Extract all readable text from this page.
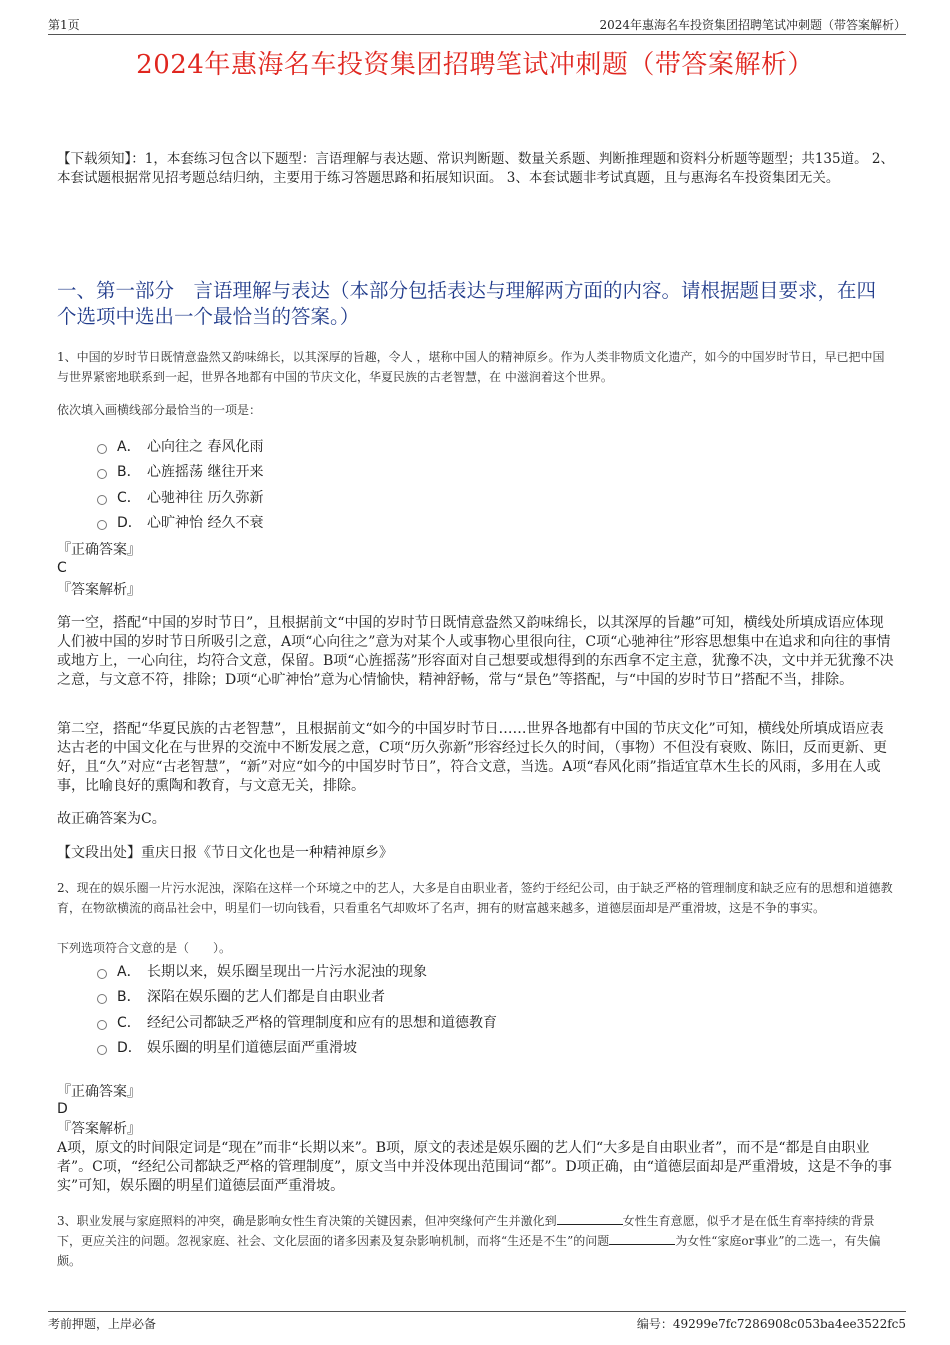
第1页	2024年惠海名车投资集团招聘笔试冲刺题（带答案解析）
2024年惠海名车投资集团招聘笔试冲刺题（带答案解析）
【下载须知】：1，本套练习包含以下题型：言语理解与表达题、常识判断题、数量关系题、判断推理题和资料分析题等题型；共135道。 2、本套试题根据常见招考题总结归纳，主要用于练习答题思路和拓展知识面。 3、本套试题非考试真题，且与惠海名车投资集团无关。
一、第一部分　言语理解与表达（本部分包括表达与理解两方面的内容。请根据题目要求，在四个选项中选出一个最恰当的答案。）
1、中国的岁时节日既情意盎然又韵味绵长，以其深厚的旨趣，令人 ，堪称中国人的精神原乡。作为人类非物质文化遗产，如今的中国岁时节日，早已把中国与世界紧密地联系到一起，世界各地都有中国的节庆文化，华夏民族的古老智慧，在 中滋润着这个世界。
依次填入画横线部分最恰当的一项是：
A． 心向往之 春风化雨
B． 心旌摇荡 继往开来
C． 心驰神往 历久弥新
D． 心旷神怡 经久不衰
『正确答案』
C
『答案解析』
第一空，搭配“中国的岁时节日”，且根据前文“中国的岁时节日既情意盎然又韵味绵长，以其深厚的旨趣”可知，横线处所填成语应体现人们被中国的岁时节日所吸引之意，A项“心向往之”意为对某个人或事物心里很向往，C项“心驰神往”形容思想集中在追求和向往的事情或地方上，一心向往，均符合文意，保留。B项“心旌摇荡”形容面对自己想要或想得到的东西拿不定主意，犹豫不决，文中并无犹豫不决之意，与文意不符，排除；D项“心旷神怡”意为心情愉快，精神舒畅，常与“景色”等搭配，与“中国的岁时节日”搭配不当，排除。
第二空，搭配“华夏民族的古老智慧”，且根据前文“如今的中国岁时节日……世界各地都有中国的节庆文化”可知，横线处所填成语应表达古老的中国文化在与世界的交流中不断发展之意，C项“历久弥新”形容经过长久的时间，（事物）不但没有衰败、陈旧，反而更新、更好，且“久”对应“古老智慧”，“新”对应“如今的中国岁时节日”，符合文意，当选。A项“春风化雨”指适宜草木生长的风雨，多用在人或事，比喻良好的熏陶和教育，与文意无关，排除。
故正确答案为C。
【文段出处】重庆日报《节日文化也是一种精神原乡》
2、现在的娱乐圈一片污水泥浊，深陷在这样一个环境之中的艺人，大多是自由职业者，签约于经纪公司，由于缺乏严格的管理制度和缺乏应有的思想和道德教育，在物欲横流的商品社会中，明星们一切向钱看，只看重名气却败坏了名声，拥有的财富越来越多，道德层面却是严重滑坡，这是不争的事实。
下列选项符合文意的是（　　）。
A． 长期以来，娱乐圈呈现出一片污水泥浊的现象
B． 深陷在娱乐圈的艺人们都是自由职业者
C． 经纪公司都缺乏严格的管理制度和应有的思想和道德教育
D． 娱乐圈的明星们道德层面严重滑坡
『正确答案』
D
『答案解析』
A项，原文的时间限定词是“现在”而非“长期以来”。B项，原文的表述是娱乐圈的艺人们“大多是自由职业者”，而不是“都是自由职业者”。C项，“经纪公司都缺乏严格的管理制度”，原文当中并没体现出范围词“都”。D项正确，由“道德层面却是严重滑坡，这是不争的事实”可知，娱乐圈的明星们道德层面严重滑坡。
3、职业发展与家庭照料的冲突，确是影响女性生育决策的关键因素，但冲突缘何产生并激化到	女性生育意愿，似乎才是在低生育率持续的背景下，更应关注的问题。忽视家庭、社会、文化层面的诸多因素及复杂影响机制，而将“生还是不生”的问题	为女性“家庭or事业”的二选一，有失偏颇。
考前押题，上岸必备	编号：49299e7fc7286908c053ba4ee3522fc5
